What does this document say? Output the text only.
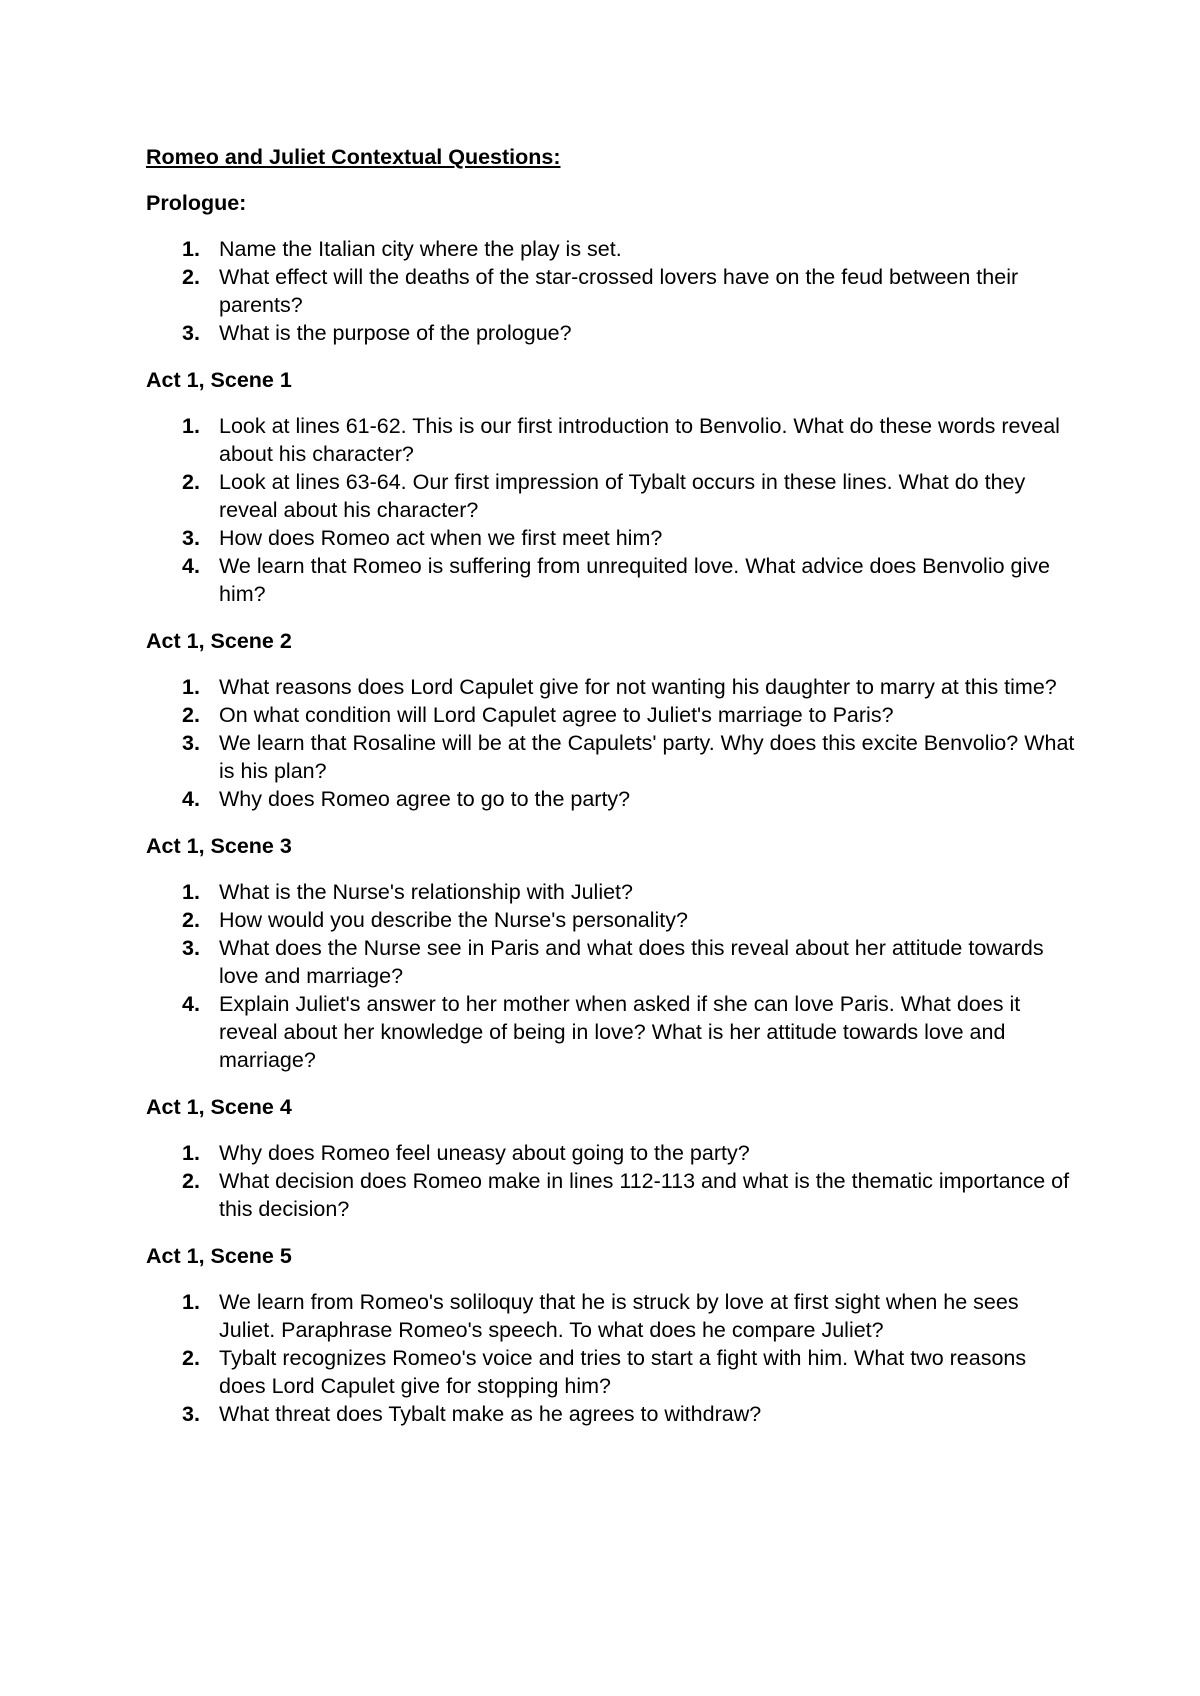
Romeo and Juliet Contextual Questions:
Prologue:
1. Name the Italian city where the play is set.
2. What effect will the deaths of the star-crossed lovers have on the feud between their parents?
3. What is the purpose of the prologue?
Act 1, Scene 1
1. Look at lines 61-62. This is our first introduction to Benvolio. What do these words reveal about his character?
2. Look at lines 63-64. Our first impression of Tybalt occurs in these lines. What do they reveal about his character?
3. How does Romeo act when we first meet him?
4. We learn that Romeo is suffering from unrequited love. What advice does Benvolio give him?
Act 1, Scene 2
1. What reasons does Lord Capulet give for not wanting his daughter to marry at this time?
2. On what condition will Lord Capulet agree to Juliet's marriage to Paris?
3. We learn that Rosaline will be at the Capulets' party. Why does this excite Benvolio? What is his plan?
4. Why does Romeo agree to go to the party?
Act 1, Scene 3
1. What is the Nurse's relationship with Juliet?
2. How would you describe the Nurse's personality?
3. What does the Nurse see in Paris and what does this reveal about her attitude towards love and marriage?
4. Explain Juliet's answer to her mother when asked if she can love Paris. What does it reveal about her knowledge of being in love? What is her attitude towards love and marriage?
Act 1, Scene 4
1. Why does Romeo feel uneasy about going to the party?
2. What decision does Romeo make in lines 112-113 and what is the thematic importance of this decision?
Act 1, Scene 5
1. We learn from Romeo's soliloquy that he is struck by love at first sight when he sees Juliet. Paraphrase Romeo's speech. To what does he compare Juliet?
2. Tybalt recognizes Romeo's voice and tries to start a fight with him. What two reasons does Lord Capulet give for stopping him?
3. What threat does Tybalt make as he agrees to withdraw?
